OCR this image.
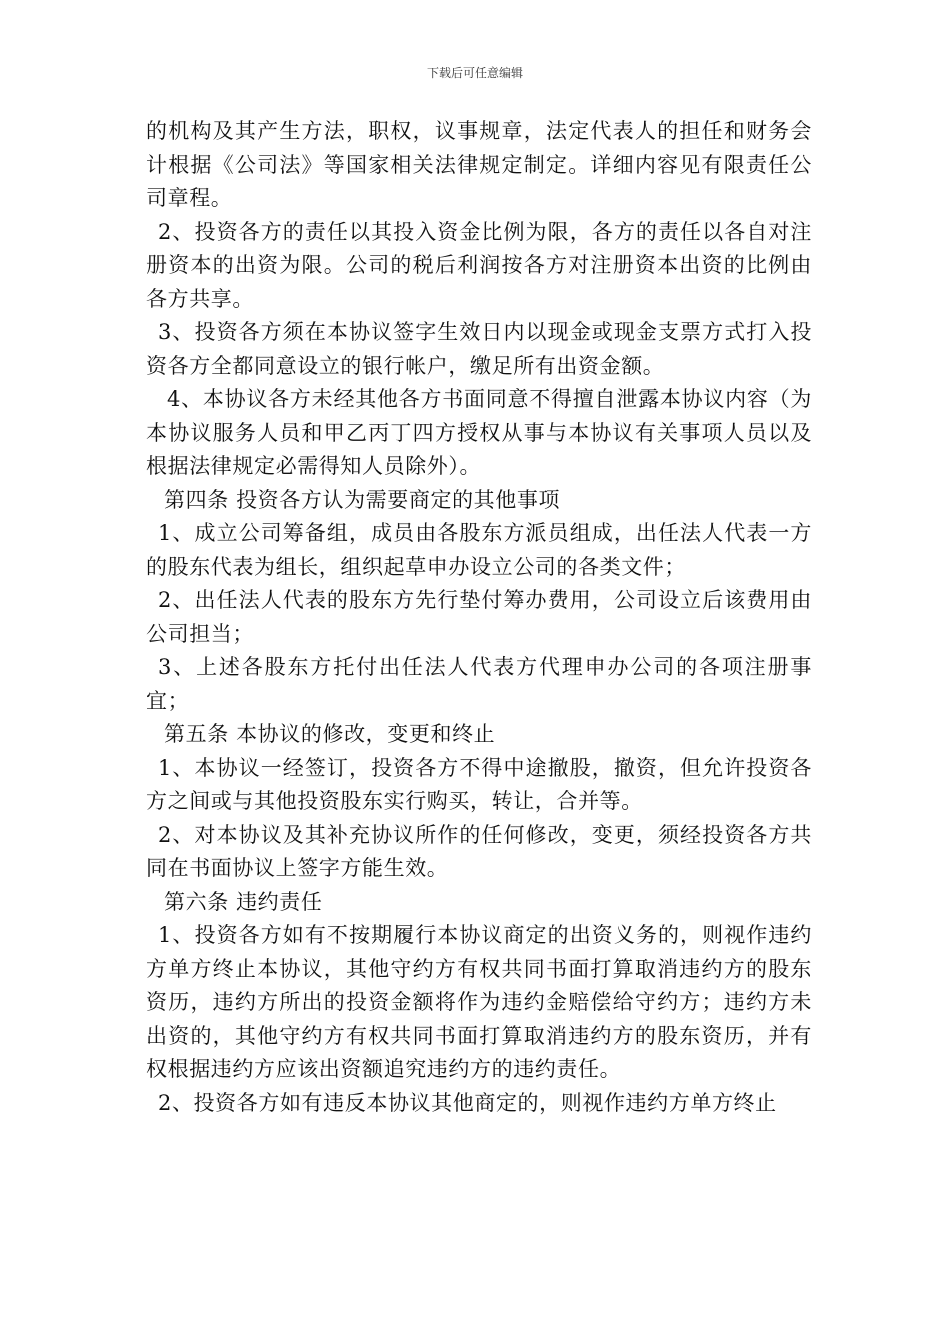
下载后可任意编辑

的机构及其产生方法，职权，议事规章，法定代表人的担任和财务会计根据《公司法》等国家相关法律规定制定。详细内容见有限责任公司章程。

2、投资各方的责任以其投入资金比例为限，各方的责任以各自对注册资本的出资为限。公司的税后利润按各方对注册资本出资的比例由各方共享。

3、投资各方须在本协议签字生效日内以现金或现金支票方式打入投资各方全都同意设立的银行帐户，缴足所有出资金额。

4、本协议各方未经其他各方书面同意不得擅自泄露本协议内容（为本协议服务人员和甲乙丙丁四方授权从事与本协议有关事项人员以及根据法律规定必需得知人员除外）。

第四条 投资各方认为需要商定的其他事项

1、成立公司筹备组，成员由各股东方派员组成，出任法人代表一方的股东代表为组长，组织起草申办设立公司的各类文件；

2、出任法人代表的股东方先行垫付筹办费用，公司设立后该费用由公司担当；

3、上述各股东方托付出任法人代表方代理申办公司的各项注册事宜；

第五条 本协议的修改，变更和终止

1、本协议一经签订，投资各方不得中途撤股，撤资，但允许投资各方之间或与其他投资股东实行购买，转让，合并等。

2、对本协议及其补充协议所作的任何修改，变更，须经投资各方共同在书面协议上签字方能生效。

第六条 违约责任

1、投资各方如有不按期履行本协议商定的出资义务的，则视作违约方单方终止本协议，其他守约方有权共同书面打算取消违约方的股东资历，违约方所出的投资金额将作为违约金赔偿给守约方；违约方未出资的，其他守约方有权共同书面打算取消违约方的股东资历，并有权根据违约方应该出资额追究违约方的违约责任。

2、投资各方如有违反本协议其他商定的，则视作违约方单方终止
